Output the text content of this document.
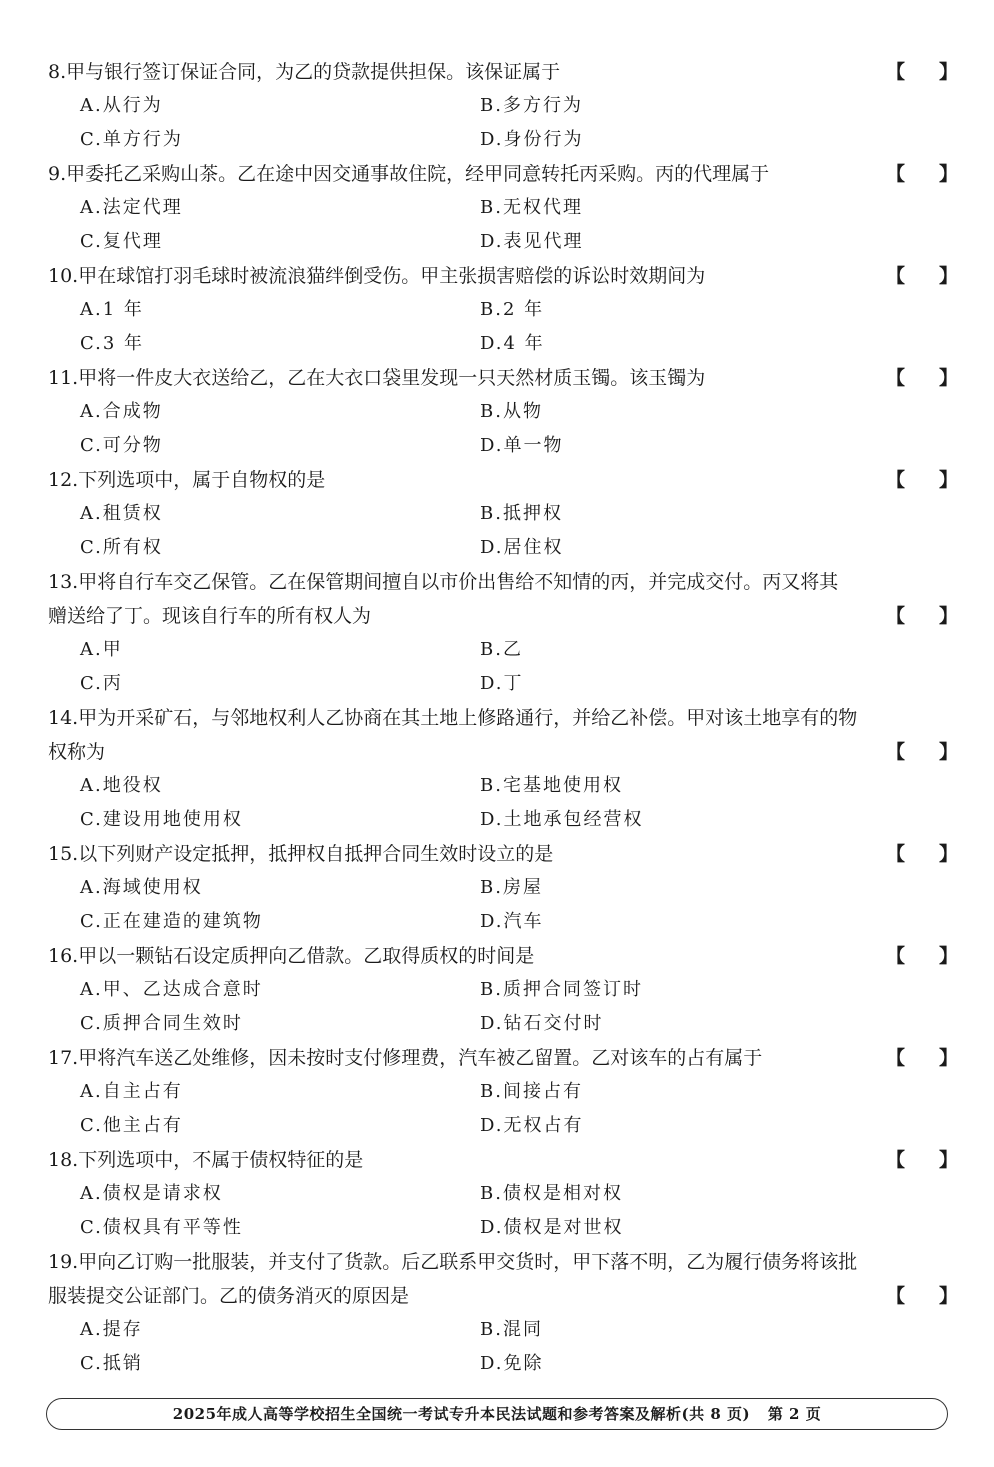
8.甲与银行签订保证合同，为乙的贷款提供担保。该保证属于	【 】
A.从行为	B.多方行为
C.单方行为	D.身份行为
9.甲委托乙采购山茶。乙在途中因交通事故住院，经甲同意转托丙采购。丙的代理属于	【 】
A.法定代理	B.无权代理
C.复代理	D.表见代理
10.甲在球馆打羽毛球时被流浪猫绊倒受伤。甲主张损害赔偿的诉讼时效期间为	【 】
A.1 年	B.2 年
C.3 年	D.4 年
11.甲将一件皮大衣送给乙，乙在大衣口袋里发现一只天然材质玉镯。该玉镯为	【 】
A.合成物	B.从物
C.可分物	D.单一物
12.下列选项中，属于自物权的是	【 】
A.租赁权	B.抵押权
C.所有权	D.居住权
13.甲将自行车交乙保管。乙在保管期间擅自以市价出售给不知情的丙，并完成交付。丙又将其
赠送给了丁。现该自行车的所有权人为	【 】
A.甲	B.乙
C.丙	D.丁
14.甲为开采矿石，与邻地权利人乙协商在其土地上修路通行，并给乙补偿。甲对该土地享有的物
权称为	【 】
A.地役权	B.宅基地使用权
C.建设用地使用权	D.土地承包经营权
15.以下列财产设定抵押，抵押权自抵押合同生效时设立的是	【 】
A.海域使用权	B.房屋
C.正在建造的建筑物	D.汽车
16.甲以一颗钻石设定质押向乙借款。乙取得质权的时间是	【 】
A.甲、乙达成合意时	B.质押合同签订时
C.质押合同生效时	D.钻石交付时
17.甲将汽车送乙处维修，因未按时支付修理费，汽车被乙留置。乙对该车的占有属于	【 】
A.自主占有	B.间接占有
C.他主占有	D.无权占有
18.下列选项中，不属于债权特征的是	【 】
A.债权是请求权	B.债权是相对权
C.债权具有平等性	D.债权是对世权
19.甲向乙订购一批服装，并支付了货款。后乙联系甲交货时，甲下落不明，乙为履行债务将该批
服装提交公证部门。乙的债务消灭的原因是	【 】
A.提存	B.混同
C.抵销	D.免除
2025年成人高等学校招生全国统一考试专升本民法试题和参考答案及解析(共 8 页) 第 2 页
